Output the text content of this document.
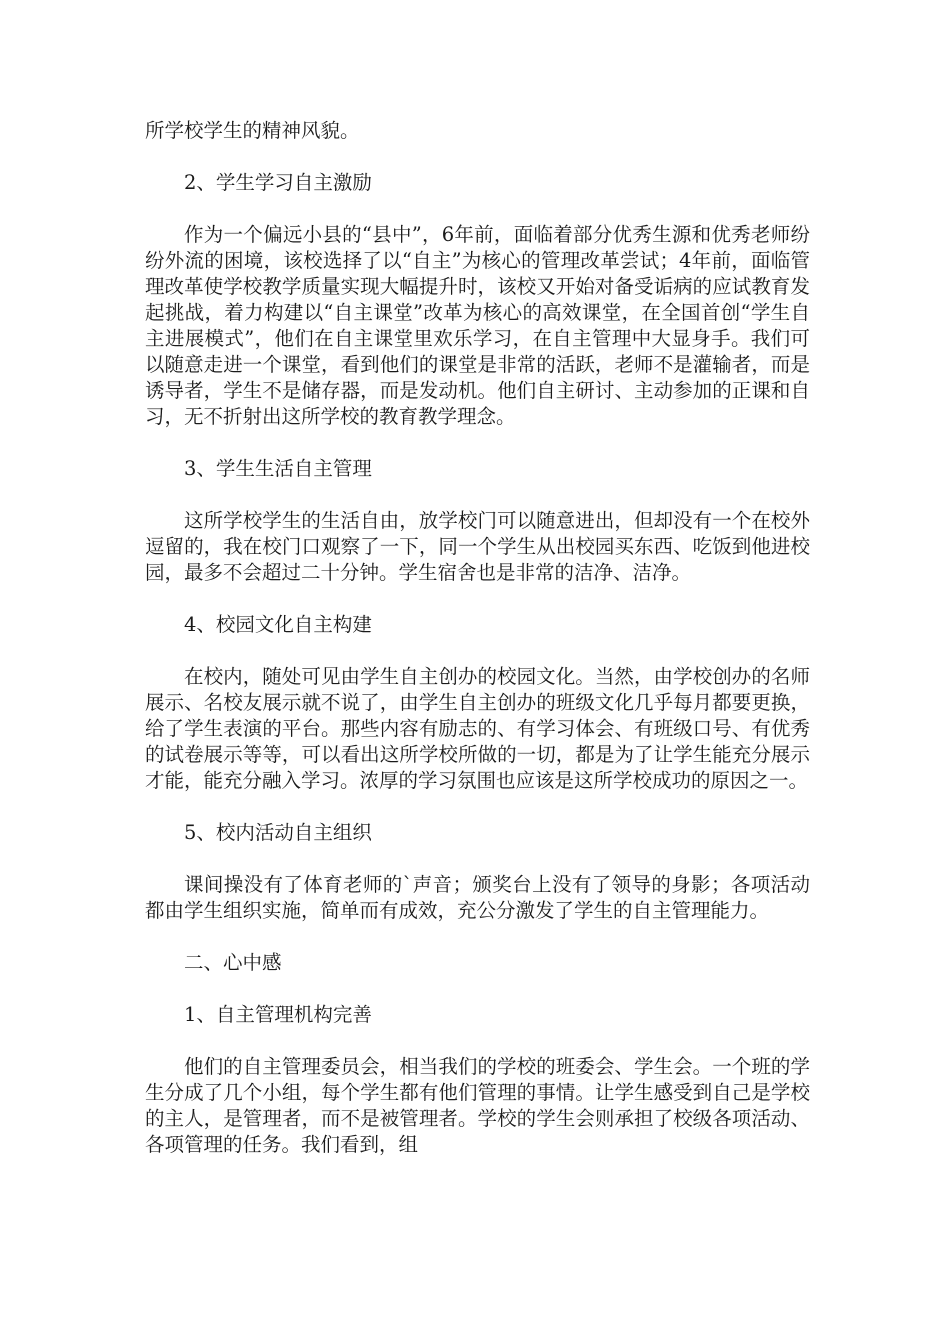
所学校学生的精神风貌。

2、学生学习自主激励

作为一个偏远小县的“县中”，6年前，面临着部分优秀生源和优秀老师纷纷外流的困境，该校选择了以“自主”为核心的管理改革尝试；4年前，面临管理改革使学校教学质量实现大幅提升时，该校又开始对备受诟病的应试教育发起挑战，着力构建以“自主课堂”改革为核心的高效课堂，在全国首创“学生自主进展模式”，他们在自主课堂里欢乐学习，在自主管理中大显身手。我们可以随意走进一个课堂，看到他们的课堂是非常的活跃，老师不是灌输者，而是诱导者，学生不是储存器，而是发动机。他们自主研讨、主动参加的正课和自习，无不折射出这所学校的教育教学理念。

3、学生生活自主管理

这所学校学生的生活自由，放学校门可以随意进出，但却没有一个在校外逗留的，我在校门口观察了一下，同一个学生从出校园买东西、吃饭到他进校园，最多不会超过二十分钟。学生宿舍也是非常的洁净、洁净。

4、校园文化自主构建

在校内，随处可见由学生自主创办的校园文化。当然，由学校创办的名师展示、名校友展示就不说了，由学生自主创办的班级文化几乎每月都要更换，给了学生表演的平台。那些内容有励志的、有学习体会、有班级口号、有优秀的试卷展示等等，可以看出这所学校所做的一切，都是为了让学生能充分展示才能，能充分融入学习。浓厚的学习氛围也应该是这所学校成功的原因之一。

5、校内活动自主组织

课间操没有了体育老师的`声音；颁奖台上没有了领导的身影；各项活动都由学生组织实施，简单而有成效，充公分激发了学生的自主管理能力。

二、心中感

1、自主管理机构完善

他们的自主管理委员会，相当我们的学校的班委会、学生会。一个班的学生分成了几个小组，每个学生都有他们管理的事情。让学生感受到自己是学校的主人，是管理者，而不是被管理者。学校的学生会则承担了校级各项活动、各项管理的任务。我们看到，组
